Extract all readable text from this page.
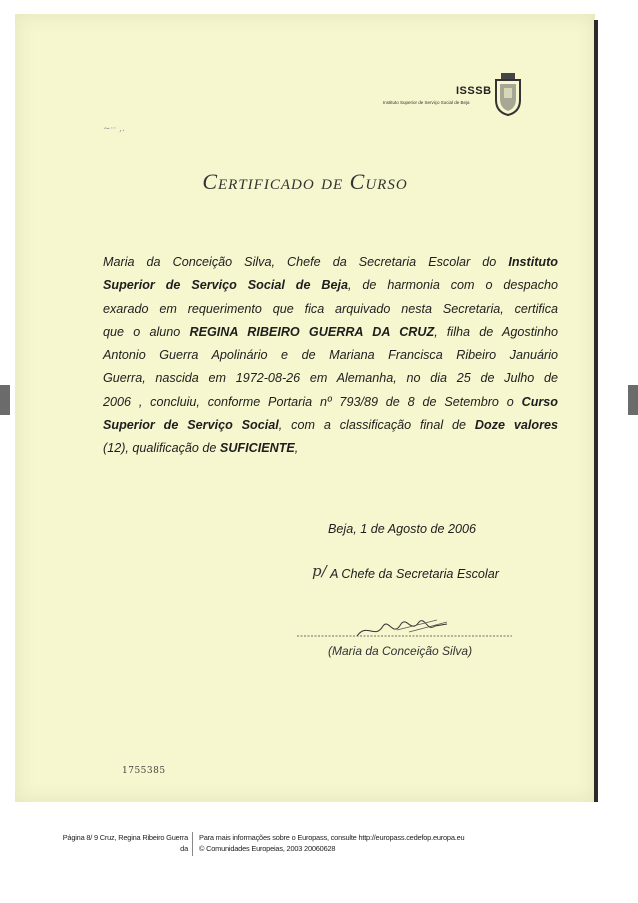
ISSSB
Instituto Superior de Serviço Social de Beja
~·· ,.
Certificado de Curso
Maria da Conceição Silva, Chefe da Secretaria Escolar do Instituto
Superior de Serviço Social de Beja, de harmonia com o despacho
exarado em requerimento que fica arquivado nesta Secretaria, certifica
que o aluno REGINA RIBEIRO GUERRA DA CRUZ, filha de Agostinho
Antonio Guerra Apolinário e de Mariana Francisca Ribeiro Januário
Guerra, nascida em 1972-08-26 em Alemanha, no dia 25 de Julho de
2006 , concluiu, conforme Portaria nº 793/89 de 8 de Setembro o Curso
Superior de Serviço Social, com a classificação final de Doze valores
(12), qualificação de SUFICIENTE,
Beja, 1 de Agosto de 2006
p/ A Chefe da Secretaria Escolar
(Maria da Conceição Silva)
1755385
Página 8/ 9 Cruz, Regina Ribeiro Guerra
da
Para mais informações sobre o Europass, consulte http://europass.cedefop.europa.eu
© Comunidades Europeias, 2003 20060628
